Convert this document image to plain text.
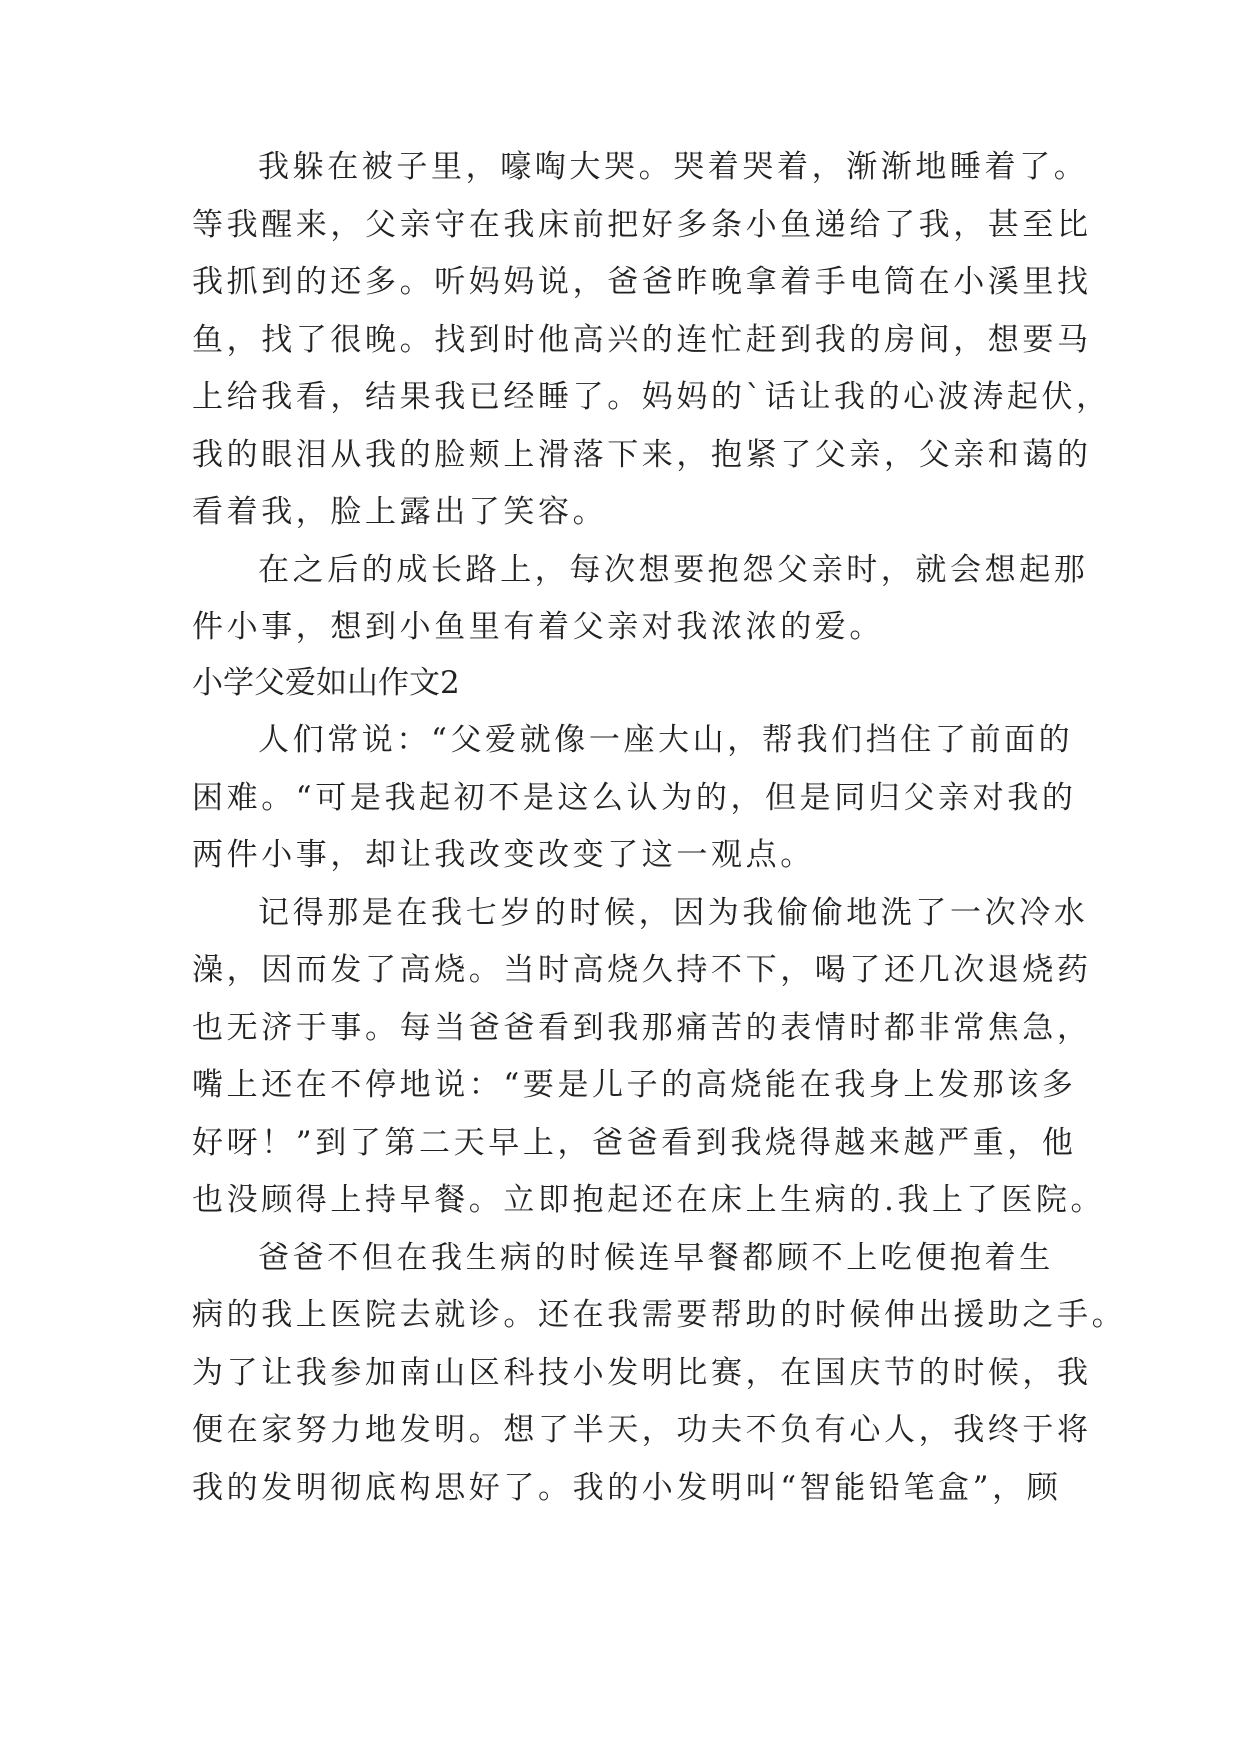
我躲在被子里，嚎啕大哭。哭着哭着，渐渐地睡着了。
等我醒来，父亲守在我床前把好多条小鱼递给了我，甚至比
我抓到的还多。听妈妈说，爸爸昨晚拿着手电筒在小溪里找
鱼，找了很晚。找到时他高兴的连忙赶到我的房间，想要马
上给我看，结果我已经睡了。妈妈的`话让我的心波涛起伏，
我的眼泪从我的脸颊上滑落下来，抱紧了父亲，父亲和蔼的
看着我，脸上露出了笑容。
在之后的成长路上，每次想要抱怨父亲时，就会想起那
件小事，想到小鱼里有着父亲对我浓浓的爱。
小学父爱如山作文2
人们常说：“父爱就像一座大山，帮我们挡住了前面的
困难。“可是我起初不是这么认为的，但是同归父亲对我的
两件小事，却让我改变改变了这一观点。
记得那是在我七岁的时候，因为我偷偷地洗了一次冷水
澡，因而发了高烧。当时高烧久持不下，喝了还几次退烧药
也无济于事。每当爸爸看到我那痛苦的表情时都非常焦急，
嘴上还在不停地说：“要是儿子的高烧能在我身上发那该多
好呀！”到了第二天早上，爸爸看到我烧得越来越严重，他
也没顾得上持早餐。立即抱起还在床上生病的.我上了医院。
爸爸不但在我生病的时候连早餐都顾不上吃便抱着生
病的我上医院去就诊。还在我需要帮助的时候伸出援助之手。
为了让我参加南山区科技小发明比赛，在国庆节的时候，我
便在家努力地发明。想了半天，功夫不负有心人，我终于将
我的发明彻底构思好了。我的小发明叫“智能铅笔盒”，顾
